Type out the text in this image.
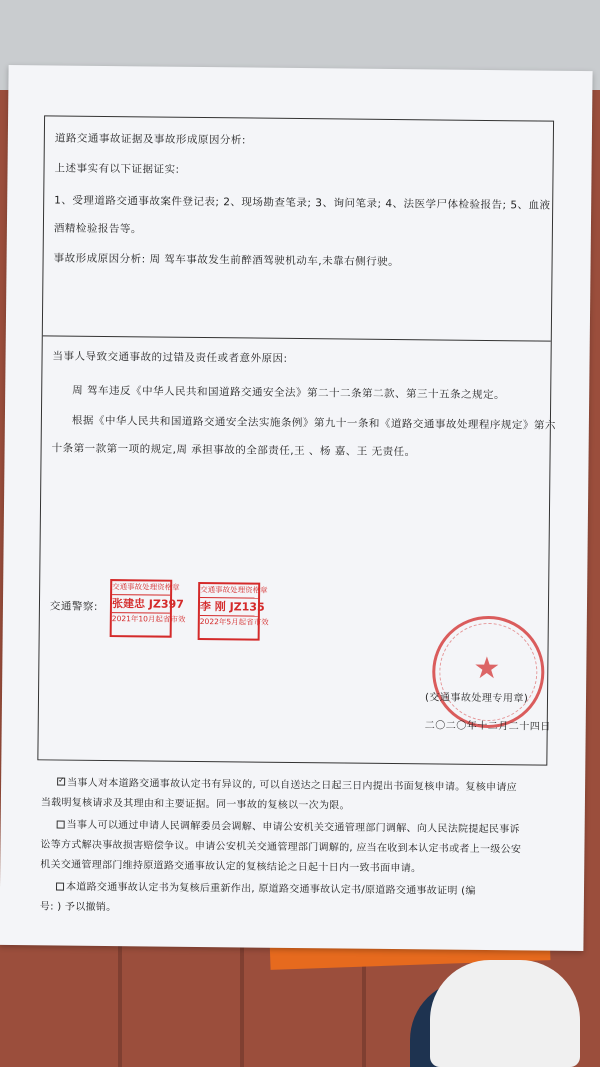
道路交通事故证据及事故形成原因分析:
上述事实有以下证据证实:
1、受理道路交通事故案件登记表; 2、现场勘查笔录; 3、询问笔录; 4、法医学尸体检验报告; 5、血液
酒精检验报告等。
事故形成原因分析: 周 驾车事故发生前醉酒驾驶机动车,未靠右侧行驶。
当事人导致交通事故的过错及责任或者意外原因:
周 驾车违反《中华人民共和国道路交通安全法》第二十二条第二款、第三十五条之规定。
根据《中华人民共和国道路交通安全法实施条例》第九十一条和《道路交通事故处理程序规定》第六
十条第一款第一项的规定,周 承担事故的全部责任,王 、杨 嘉、王 无责任。
交通警察:
交通事故处理资格章
张建忠 JZ397
2021年10月起省市效
交通事故处理资格章
李 刚 JZ135
2022年5月起省市效
★
(交通事故处理专用章)
二〇二〇年十二月二十四日
✓当事人对本道路交通事故认定书有异议的, 可以自送达之日起三日内提出书面复核申请。复核申请应
当载明复核请求及其理由和主要证据。同一事故的复核以一次为限。
当事人可以通过申请人民调解委员会调解、申请公安机关交通管理部门调解、向人民法院提起民事诉
讼等方式解决事故损害赔偿争议。申请公安机关交通管理部门调解的, 应当在收到本认定书或者上一级公安
机关交通管理部门维持原道路交通事故认定的复核结论之日起十日内一致书面申请。
本道路交通事故认定书为复核后重新作出, 原道路交通事故认定书/原道路交通事故证明 (编
号: ) 予以撤销。
